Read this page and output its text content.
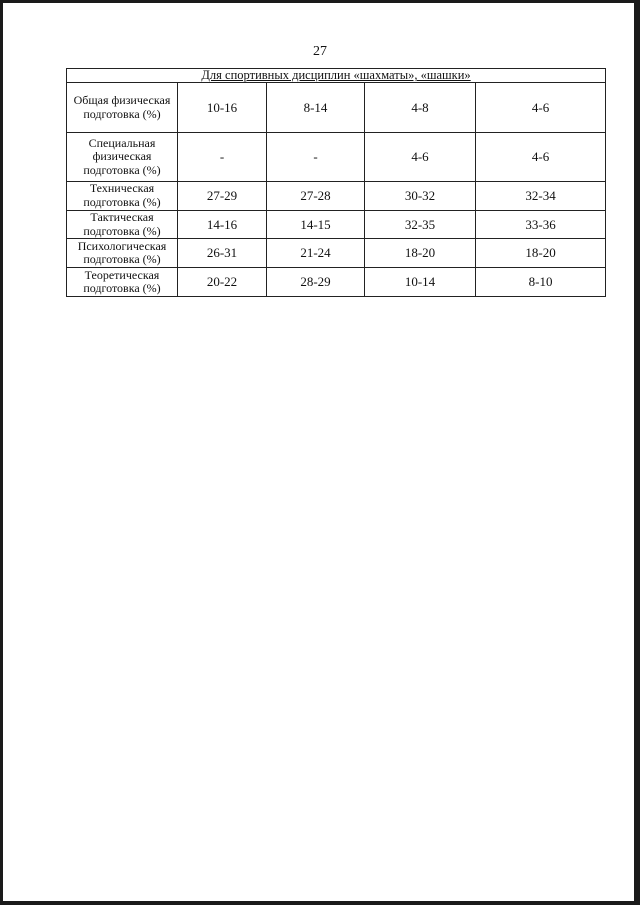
27
Для спортивных дисциплин «шахматы», «шашки»				
Общая физическая подготовка (%)	10-16	8-14	4-8	4-6
Специальная физическая подготовка (%)	-	-	4-6	4-6
Техническая подготовка (%)	27-29	27-28	30-32	32-34
Тактическая подготовка (%)	14-16	14-15	32-35	33-36
Психологическая подготовка (%)	26-31	21-24	18-20	18-20
Теоретическая подготовка (%)	20-22	28-29	10-14	8-10
